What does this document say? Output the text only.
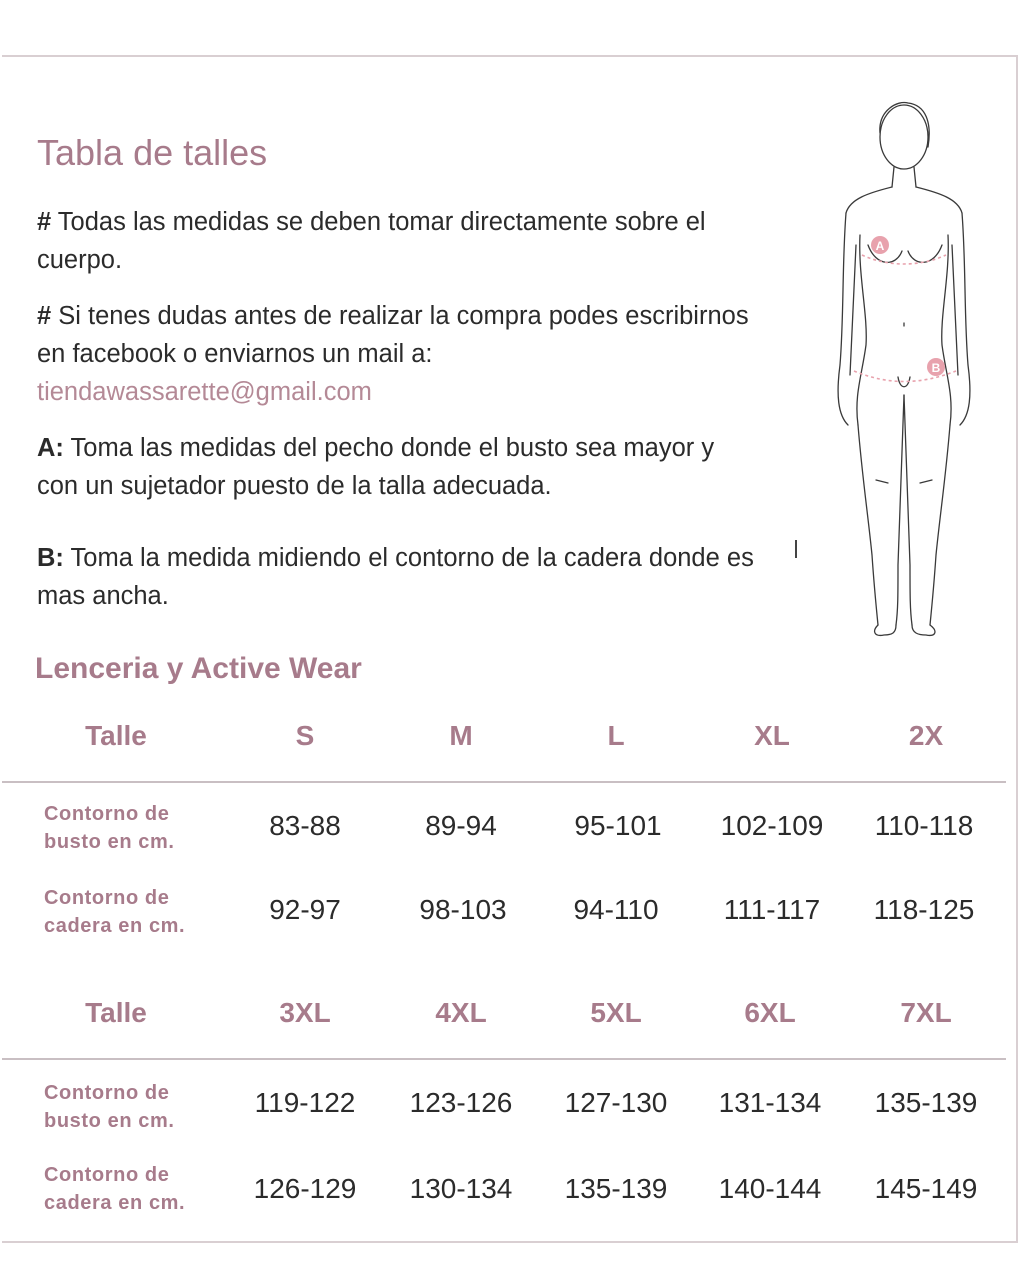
Tabla de talles

# Todas las medidas se deben tomar directamente sobre el cuerpo.

# Si tenes dudas antes de realizar la compra podes escribirnos en facebook o enviarnos un mail a:
tiendawassarette@gmail.com

A: Toma las medidas del pecho donde el busto sea mayor y con un sujetador puesto de la talla adecuada.

B: Toma la medida midiendo el contorno de la cadera donde es mas ancha.

A
B
Lenceria y Active Wear
Talle	S	M	L	XL	2X
Contorno de
busto en cm.
83-88	89-94	95-101 102-109 110-118
Contorno de
cadera en cm.
92-97	98-103 94-110 111-117 118-125
Talle	3XL	4XL	5XL	6XL	7XL
Contorno de
busto en cm.
119-122 123-126 127-130 131-134 135-139
Contorno de
cadera en cm. 126-129 130-134 135-139 140-144 145-149
